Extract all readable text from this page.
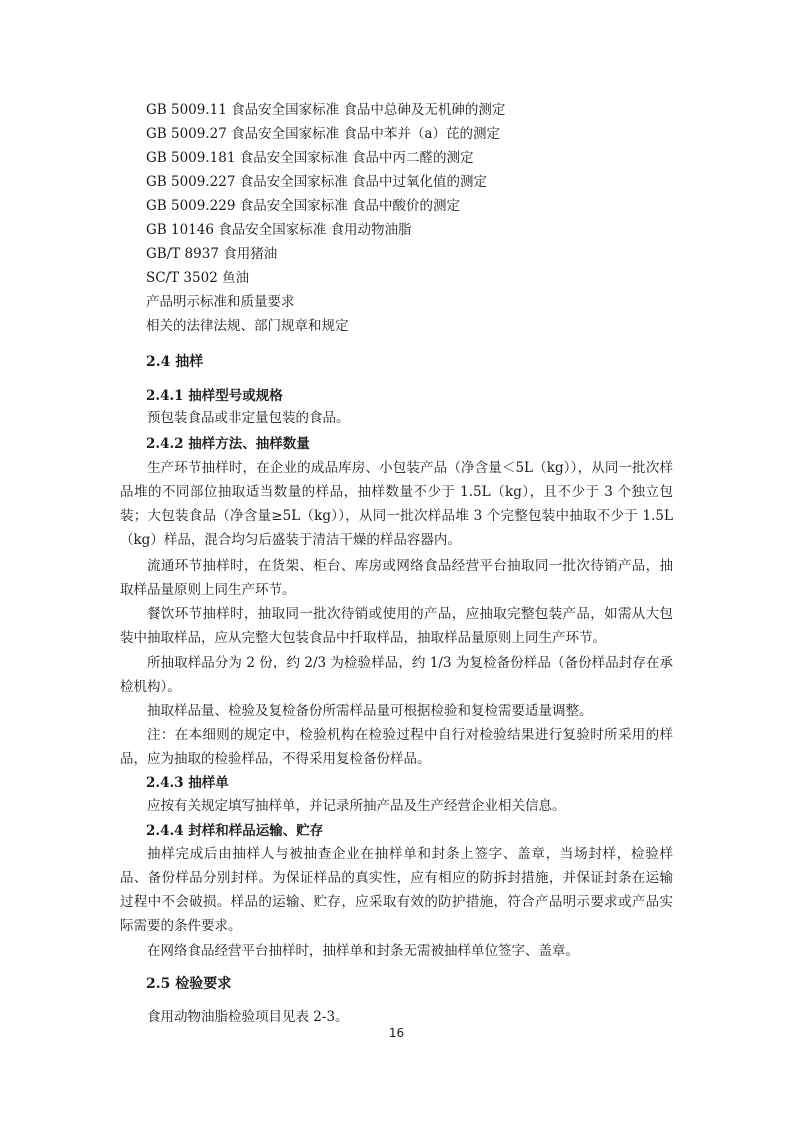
GB 5009.11 食品安全国家标准 食品中总砷及无机砷的测定
GB 5009.27 食品安全国家标准 食品中苯并（a）芘的测定
GB 5009.181 食品安全国家标准 食品中丙二醛的测定
GB 5009.227 食品安全国家标准 食品中过氧化值的测定
GB 5009.229 食品安全国家标准 食品中酸价的测定
GB 10146 食品安全国家标准 食用动物油脂
GB/T 8937 食用猪油
SC/T 3502 鱼油
产品明示标准和质量要求
相关的法律法规、部门规章和规定
2.4 抽样
2.4.1 抽样型号或规格
预包装食品或非定量包装的食品。
2.4.2 抽样方法、抽样数量
生产环节抽样时，在企业的成品库房、小包装产品（净含量＜5L（kg）），从同一批次样品堆的不同部位抽取适当数量的样品，抽样数量不少于 1.5L（kg），且不少于 3 个独立包装；大包装食品（净含量≥5L（kg）），从同一批次样品堆 3 个完整包装中抽取不少于 1.5L（kg）样品，混合均匀后盛装于清洁干燥的样品容器内。
流通环节抽样时，在货架、柜台、库房或网络食品经营平台抽取同一批次待销产品，抽取样品量原则上同生产环节。
餐饮环节抽样时，抽取同一批次待销或使用的产品，应抽取完整包装产品，如需从大包装中抽取样品，应从完整大包装食品中扦取样品，抽取样品量原则上同生产环节。
所抽取样品分为 2 份，约 2/3 为检验样品，约 1/3 为复检备份样品（备份样品封存在承检机构）。
抽取样品量、检验及复检备份所需样品量可根据检验和复检需要适量调整。
注：在本细则的规定中，检验机构在检验过程中自行对检验结果进行复验时所采用的样品，应为抽取的检验样品，不得采用复检备份样品。
2.4.3 抽样单
应按有关规定填写抽样单，并记录所抽产品及生产经营企业相关信息。
2.4.4 封样和样品运输、贮存
抽样完成后由抽样人与被抽查企业在抽样单和封条上签字、盖章，当场封样，检验样品、备份样品分别封样。为保证样品的真实性，应有相应的防拆封措施，并保证封条在运输过程中不会破损。样品的运输、贮存，应采取有效的防护措施，符合产品明示要求或产品实际需要的条件要求。
在网络食品经营平台抽样时，抽样单和封条无需被抽样单位签字、盖章。
2.5 检验要求
食用动物油脂检验项目见表 2-3。
16
